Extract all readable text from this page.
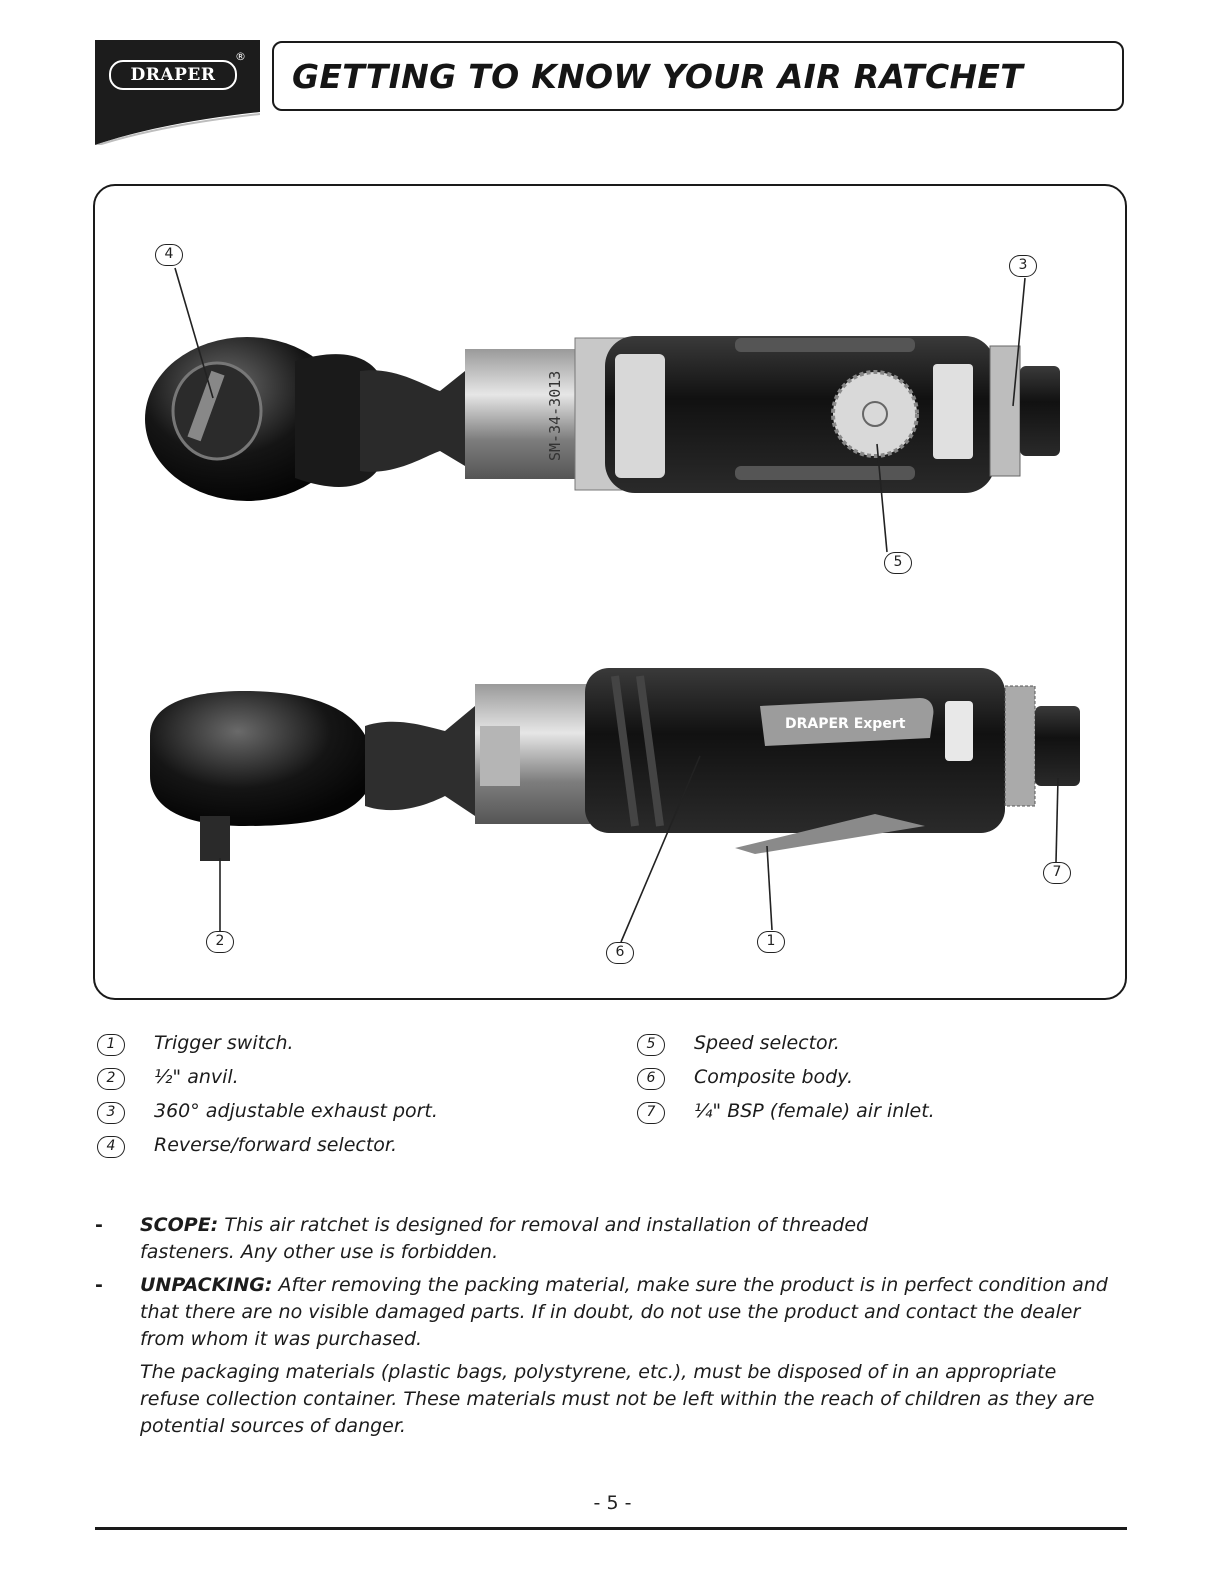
DRAPER
®
GETTING TO KNOW YOUR AIR RATCHET
SM-34-3013
DRAPER Expert
4
3
5
7
2	1
6
1	Trigger switch.
2	½" anvil.
3	360° adjustable exhaust port.
4	Reverse/forward selector.
5	Speed selector.
6	Composite body.
7	¼" BSP (female) air inlet.
- SCOPE: This air ratchet is designed for removal and installation of threaded fasteners. Any other use is forbidden.
- UNPACKING: After removing the packing material, make sure the product is in perfect condition and that there are no visible damaged parts. If in doubt, do not use the product and contact the dealer from whom it was purchased.
The packaging materials (plastic bags, polystyrene, etc.), must be disposed of in an appropriate refuse collection container. These materials must not be left within the reach of children as they are potential sources of danger.
- 5 -
